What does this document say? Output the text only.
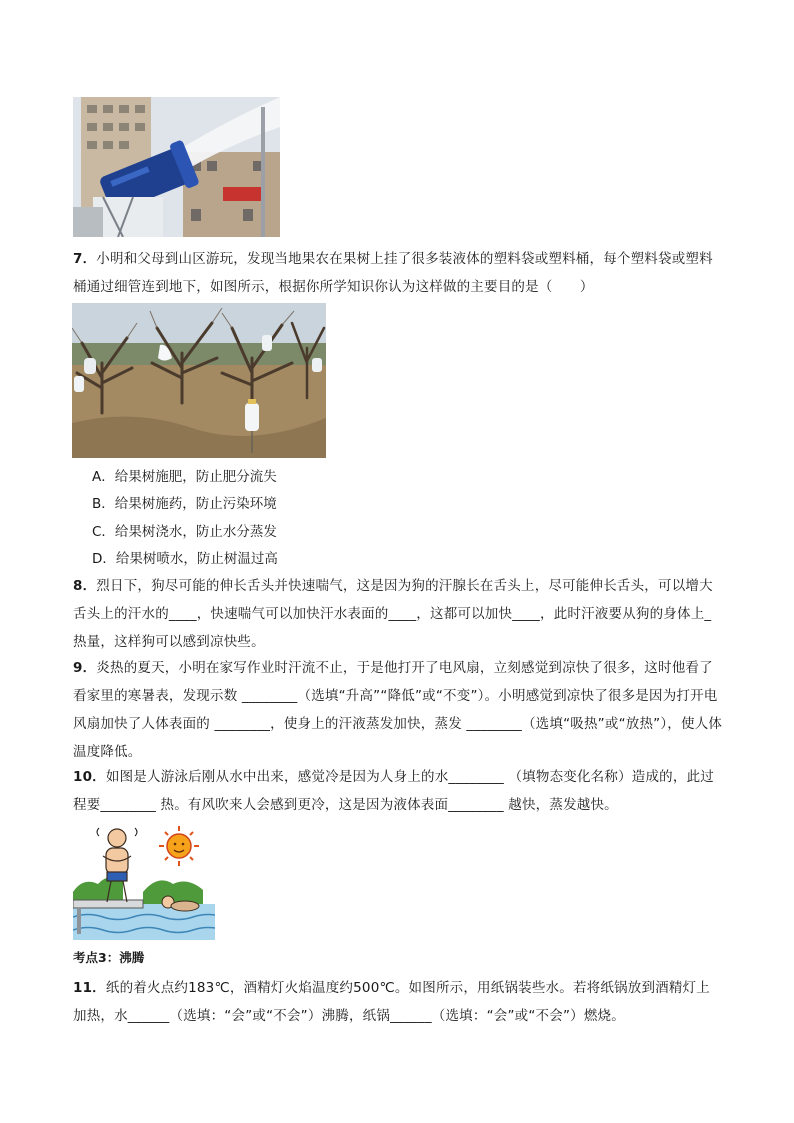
7．小明和父母到山区游玩，发现当地果农在果树上挂了很多装液体的塑料袋或塑料桶，每个塑料袋或塑料桶通过细管连到地下，如图所示，根据你所学知识你认为这样做的主要目的是（　　）
A．给果树施肥，防止肥分流失
B．给果树施药，防止污染环境
C．给果树浇水，防止水分蒸发
D．给果树喷水，防止树温过高
8．烈日下，狗尽可能的伸长舌头并快速喘气，这是因为狗的汗腺长在舌头上，尽可能伸长舌头，可以增大舌头上的汗水的____，快速喘气可以加快汗水表面的____，这都可以加快____，此时汗液要从狗的身体上_热量，这样狗可以感到凉快些。
9．炎热的夏天，小明在家写作业时汗流不止，于是他打开了电风扇，立刻感觉到凉快了很多，这时他看了看家里的寒暑表，发现示数 ________（选填“升高”“降低”或“不变”）。小明感觉到凉快了很多是因为打开电风扇加快了人体表面的 ________，使身上的汗液蒸发加快，蒸发 ________（选填“吸热”或“放热”），使人体温度降低。
10．如图是人游泳后刚从水中出来，感觉冷是因为人身上的水________ （填物态变化名称）造成的，此过程要________ 热。有风吹来人会感到更冷，这是因为液体表面________ 越快，蒸发越快。
考点3：沸腾
11．纸的着火点约183℃，酒精灯火焰温度约500℃。如图所示，用纸锅装些水。若将纸锅放到酒精灯上加热，水______（选填：“会”或“不会”）沸腾，纸锅______（选填：“会”或“不会”）燃烧。
